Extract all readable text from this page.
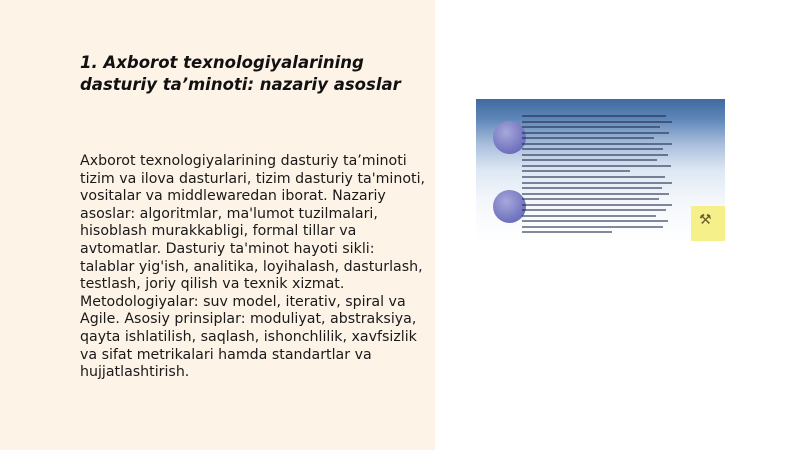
1. Axborot texnologiyalarining dasturiy ta’minoti: nazariy asoslar

Axborot texnologiyalarining dasturiy ta’minoti tizim va ilova dasturlari, tizim dasturiy ta'minoti, vositalar va middlewaredan iborat. Nazariy asoslar: algoritmlar, ma'lumot tuzilmalari, hisoblash murakkabligi, formal tillar va avtomatlar. Dasturiy ta'minot hayoti sikli: talablar yig'ish, analitika, loyihalash, dasturlash, testlash, joriy qilish va texnik xizmat. Metodologiyalar: suv model, iterativ, spiral va Agile. Asosiy prinsiplar: moduliyat, abstraksiya, qayta ishlatilish, saqlash, ishonchlilik, xavfsizlik va sifat metrikalari hamda standartlar va hujjatlashtirish.

⚒
